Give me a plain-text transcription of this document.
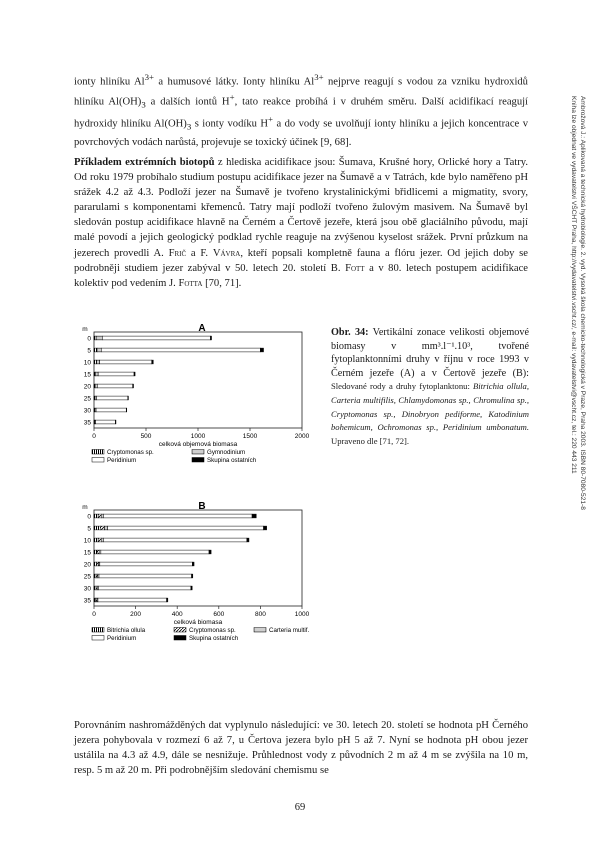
Ambrožová J.: Aplikovaná a technická hydrobiologie. 2. vyd. Vysoká škola chemicko-technologická v Praze, Praha 2003. ISBN 80-7080-521-8
Kniha lze objednat ve vydavatelství VŠCHT Praha, http://vydavatelstvi.vscht.cz/, e-mail: vydavatelstvi@vscht.cz, tel.: 220 443 211

ionty hliníku $Al^{3+}$ a humusové látky. Ionty hliníku $Al^{3+}$ nejprve reagují s vodou za vzniku hydroxidů hliníku $Al(OH)_3$ a dalších iontů H+, tato reakce probíhá i v druhém směru. Další acidifikací reagují hydroxidy hliníku $Al(OH)_3$ s ionty vodíku H+ a do vody se uvolňují ionty hliníku a jejich koncentrace v povrchových vodách narůstá, projevuje se toxický účinek [9, 68].

Příkladem extrémních biotopů z hlediska acidifikace jsou: Šumava, Krušné hory, Orlické hory a Tatry. Od roku 1979 probíhalo studium postupu acidifikace jezer na Šumavě a v Tatrách, kde bylo naměřeno pH srážek 4.2 až 4.3. Podloží jezer na Šumavě je tvořeno krystalinickými břidlicemi a migmatity, svory, pararulami s komponentami křemenců. Tatry mají podloží tvořeno žulovým masivem. Na Šumavě byl sledován postup acidifikace hlavně na Černém a Čertově jezeře, která jsou obě glaciálního původu, mají malé povodí a jejich geologický podklad rychle reaguje na zvýšenou kyselost srážek. První průzkum na jezerech provedli A. Frič a F. Vávra, kteří popsali kompletně fauna a flóru jezer. Od jejich doby se podrobněji studiem jezer zabýval v 50. letech 20. století B. Fott a v 80. letech postupem acidifikace kolektiv pod vedením J. Fotta [70, 71].

A
m
0	500	1000	1500	2000
celková objemová biomasa
0
5
10
15
20
25
30
35
Cryptomonas sp.	Gymnodinium
Peridinium	Skupina ostatních
B
m
0	200	400	600	800	1000
celková biomasa
0
5
10
15
20
25
30
35
Bitrichia ollula	Cryptomonas sp.	Carteria multif.
Peridinium	Skupina ostatních
Obr. 34: Vertikální zonace velikosti objemové biomasy v mm³.l⁻¹.10³, tvořené fytoplanktonními druhy v říjnu v roce 1993 v Černém jezeře (A) a v Čertově jezeře (B): Sledované rody a druhy fytoplanktonu: Bitrichia ollula, Carteria multifilis, Chlamydomonas sp., Chromulina sp., Cryptomonas sp., Dinobryon pediforme, Katodinium bohemicum, Ochromonas sp., Peridinium umbonatum. Upraveno dle [71, 72].

Porovnáním nashromážděných dat vyplynulo následující: ve 30. letech 20. století se hodnota pH Černého jezera pohybovala v rozmezí 6 až 7, u Čertova jezera bylo pH 5 až 7. Nyní se hodnota pH obou jezer ustálila na 4.3 až 4.9, dále se nesnižuje. Průhlednost vody z původních 2 m až 4 m se zvýšila na 10 m, resp. 5 m až 20 m. Při podrobnějším sledování chemismu se

69
